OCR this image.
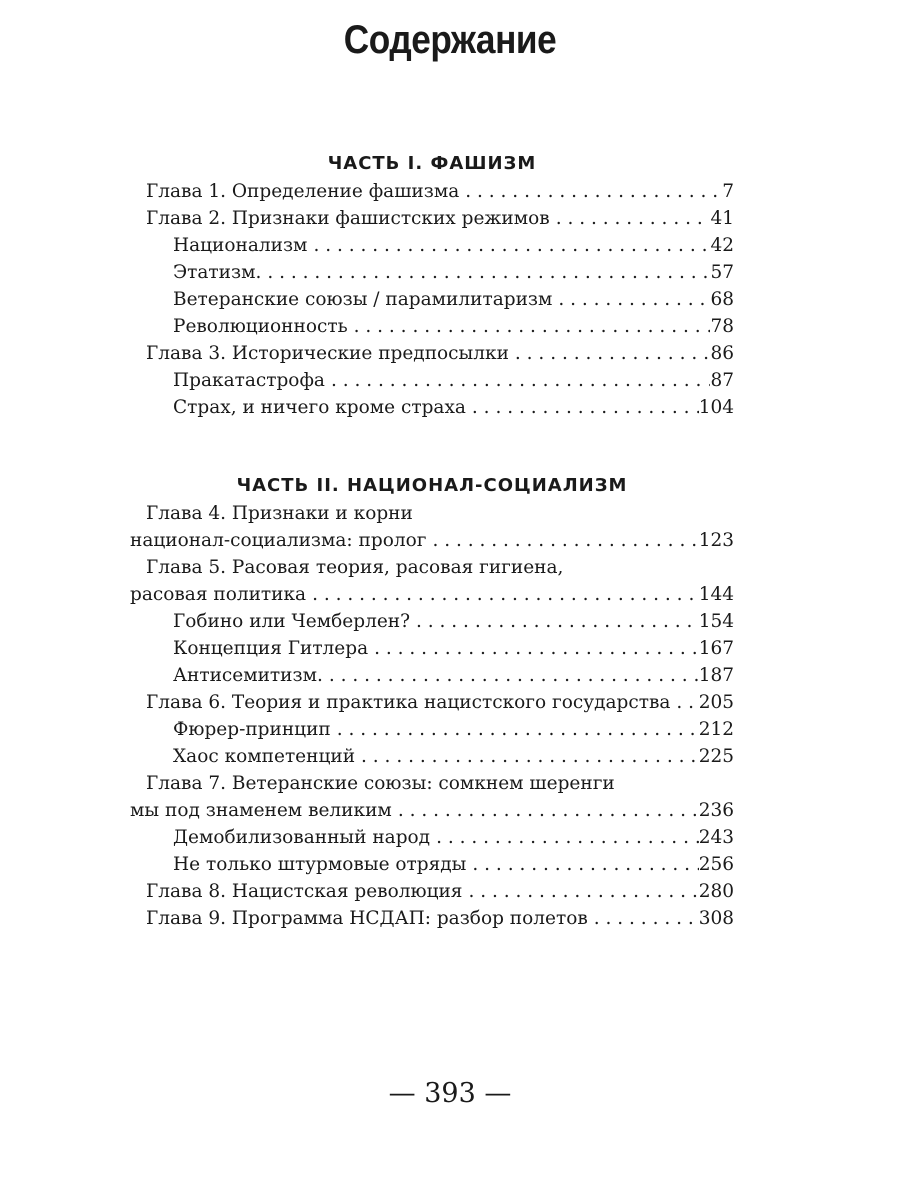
Содержание
ЧАСТЬ I. ФАШИЗМ
Глава 1. Определение фашизма . . .	7
Глава 2. Признаки фашистских режимов . . .	41
Национализм . . .	42
Этатизм. . . .	57
Ветеранские союзы / парамилитаризм . . .	68
Революционность . . .	78
Глава 3. Исторические предпосылки . . .	86
Пракатастрофа . . .	87
Страх, и ничего кроме страха . . .	104
ЧАСТЬ II. НАЦИОНАЛ-СОЦИАЛИЗМ
Глава 4. Признаки и корни
национал-социализма: пролог . . .	123
Глава 5. Расовая теория, расовая гигиена,
расовая политика . . .	144
Гобино или Чемберлен? . . .	154
Концепция Гитлера . . .	167
Антисемитизм. . . .	187
Глава 6. Теория и практика нацистского государства . . . 205
Фюрер-принцип . . .	212
Хаос компетенций . . .	225
Глава 7. Ветеранские союзы: сомкнем шеренги
мы под знаменем великим . . .	236
Демобилизованный народ . . .	243
Не только штурмовые отряды . . .	256
Глава 8. Нацистская революция . . .	280
Глава 9. Программа НСДАП: разбор полетов . . .	308
— 393 —
